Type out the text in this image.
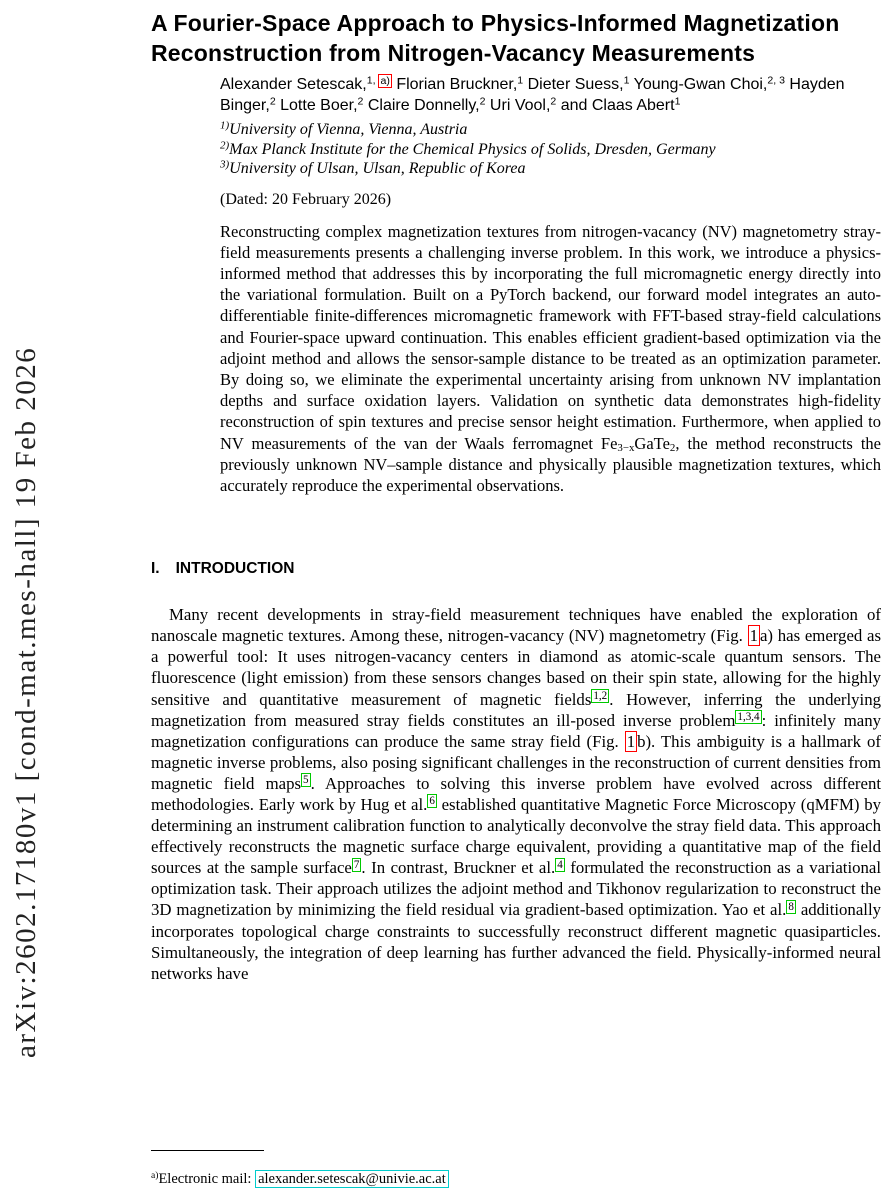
arXiv:2602.17180v1 [cond-mat.mes-hall] 19 Feb 2026
A Fourier-Space Approach to Physics-Informed Magnetization Reconstruction from Nitrogen-Vacancy Measurements

Alexander Setescak,$^{1,}$ $^{a)}$ Florian Bruckner,$^1$ Dieter Suess,$^1$ Young-Gwan Choi,$^{2, 3}$ Hayden Binger,$^2$ Lotte Boer,$^2$ Claire Donnelly,$^2$ Uri Vool,$^2$ and Claas Abert$^1$

$^{1)}$University of Vienna, Vienna, Austria
$^{2)}$Max Planck Institute for the Chemical Physics of Solids, Dresden, Germany
$^{3)}$University of Ulsan, Ulsan, Republic of Korea

(Dated: 20 February 2026)

Reconstructing complex magnetization textures from nitrogen-vacancy (NV) magnetometry stray-field measurements presents a challenging inverse problem. In this work, we introduce a physics-informed method that addresses this by incorporating the full micromagnetic energy directly into the variational formulation. Built on a PyTorch backend, our forward model integrates an auto-differentiable finite-differences micromagnetic framework with FFT-based stray-field calculations and Fourier-space upward continuation. This enables efficient gradient-based optimization via the adjoint method and allows the sensor-sample distance to be treated as an optimization parameter. By doing so, we eliminate the experimental uncertainty arising from unknown NV implantation depths and surface oxidation layers. Validation on synthetic data demonstrates high-fidelity reconstruction of spin textures and precise sensor height estimation. Furthermore, when applied to NV measurements of the van der Waals ferromagnet Fe3−xGaTe2, the method reconstructs the previously unknown NV–sample distance and physically plausible magnetization textures, which accurately reproduce the experimental observations.

I. INTRODUCTION

Many recent developments in stray-field measurement techniques have enabled the exploration of nanoscale magnetic textures. Among these, nitrogen-vacancy (NV) magnetometry (Fig. 1 a) has emerged as a powerful tool: It uses nitrogen-vacancy centers in diamond as atomic-scale quantum sensors. The fluorescence (light emission) from these sensors changes based on their spin state, allowing for the highly sensitive and quantitative measurement of magnetic fields $^{1,2}$ . However, inferring the underlying magnetization from measured stray fields constitutes an ill-posed inverse problem $^{1,3,4}$ : infinitely many magnetization configurations can produce the same stray field (Fig. 1 b). This ambiguity is a hallmark of magnetic inverse problems, also posing significant challenges in the reconstruction of current densities from magnetic field maps $^5$ . Approaches to solving this inverse problem have evolved across different methodologies. Early work by Hug et al. $^6$ established quantitative Magnetic Force Microscopy (qMFM) by determining an instrument calibration function to analytically deconvolve the stray field data. This approach effectively reconstructs the magnetic surface charge equivalent, providing a quantitative map of the field sources at the sample surface $^7$ . In contrast, Bruckner et al. $^4$ formulated the reconstruction as a variational optimization task. Their approach utilizes the adjoint method and Tikhonov regularization to reconstruct the 3D magnetization by minimizing the field residual via gradient-based optimization. Yao et al. $^8$ additionally incorporates topological charge constraints to successfully reconstruct different magnetic quasiparticles. Simultaneously, the integration of deep learning has further advanced the field. Physically-informed neural networks have

$^{a)}$Electronic mail: alexander.setescak@univie.ac.at
